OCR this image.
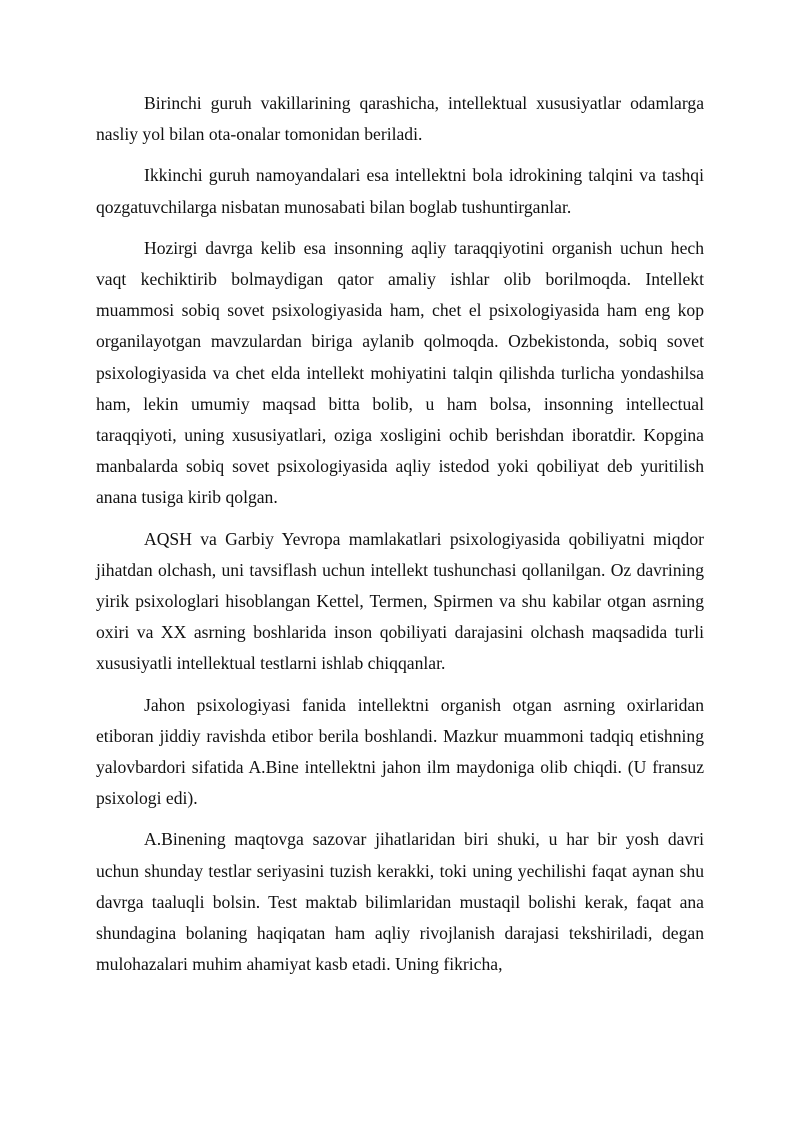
Birinchi guruh vakillarining qarashicha, intellektual xususiyatlar odamlarga nasliy yol bilan ota-onalar tomonidan beriladi.

Ikkinchi guruh namoyandalari esa intellektni bola idrokining talqini va tashqi qozgatuvchilarga nisbatan munosabati bilan boglab tushuntirganlar.

Hozirgi davrga kelib esa insonning aqliy taraqqiyotini organish uchun hech vaqt kechiktirib bolmaydigan qator amaliy ishlar olib borilmoqda. Intellekt muammosi sobiq sovet psixologiyasida ham, chet el psixologiyasida ham eng kop organilayotgan mavzulardan biriga aylanib qolmoqda. Ozbekistonda, sobiq sovet psixologiyasida va chet elda intellekt mohiyatini talqin qilishda turlicha yondashilsa ham, lekin umumiy maqsad bitta bolib, u ham bolsa, insonning intellectual taraqqiyoti, uning xususiyatlari, oziga xosligini ochib berishdan iboratdir. Kopgina manbalarda sobiq sovet psixologiyasida aqliy istedod yoki qobiliyat deb yuritilish anana tusiga kirib qolgan.

AQSH va Garbiy Yevropa mamlakatlari psixologiyasida qobiliyatni miqdor jihatdan olchash, uni tavsiflash uchun intellekt tushunchasi qollanilgan. Oz davrining yirik psixologlari hisoblangan Kettel, Termen, Spirmen va shu kabilar otgan asrning oxiri va XX asrning boshlarida inson qobiliyati darajasini olchash maqsadida turli xususiyatli intellektual testlarni ishlab chiqqanlar.

Jahon psixologiyasi fanida intellektni organish otgan asrning oxirlaridan etiboran jiddiy ravishda etibor berila boshlandi. Mazkur muammoni tadqiq etishning yalovbardori sifatida A.Bine intellektni jahon ilm maydoniga olib chiqdi. (U fransuz psixologi edi).

A.Binening maqtovga sazovar jihatlaridan biri shuki, u har bir yosh davri uchun shunday testlar seriyasini tuzish kerakki, toki uning yechilishi faqat aynan shu davrga taaluqli bolsin. Test maktab bilimlaridan mustaqil bolishi kerak, faqat ana shundagina bolaning haqiqatan ham aqliy rivojlanish darajasi tekshiriladi, degan mulohazalari muhim ahamiyat kasb etadi. Uning fikricha,
